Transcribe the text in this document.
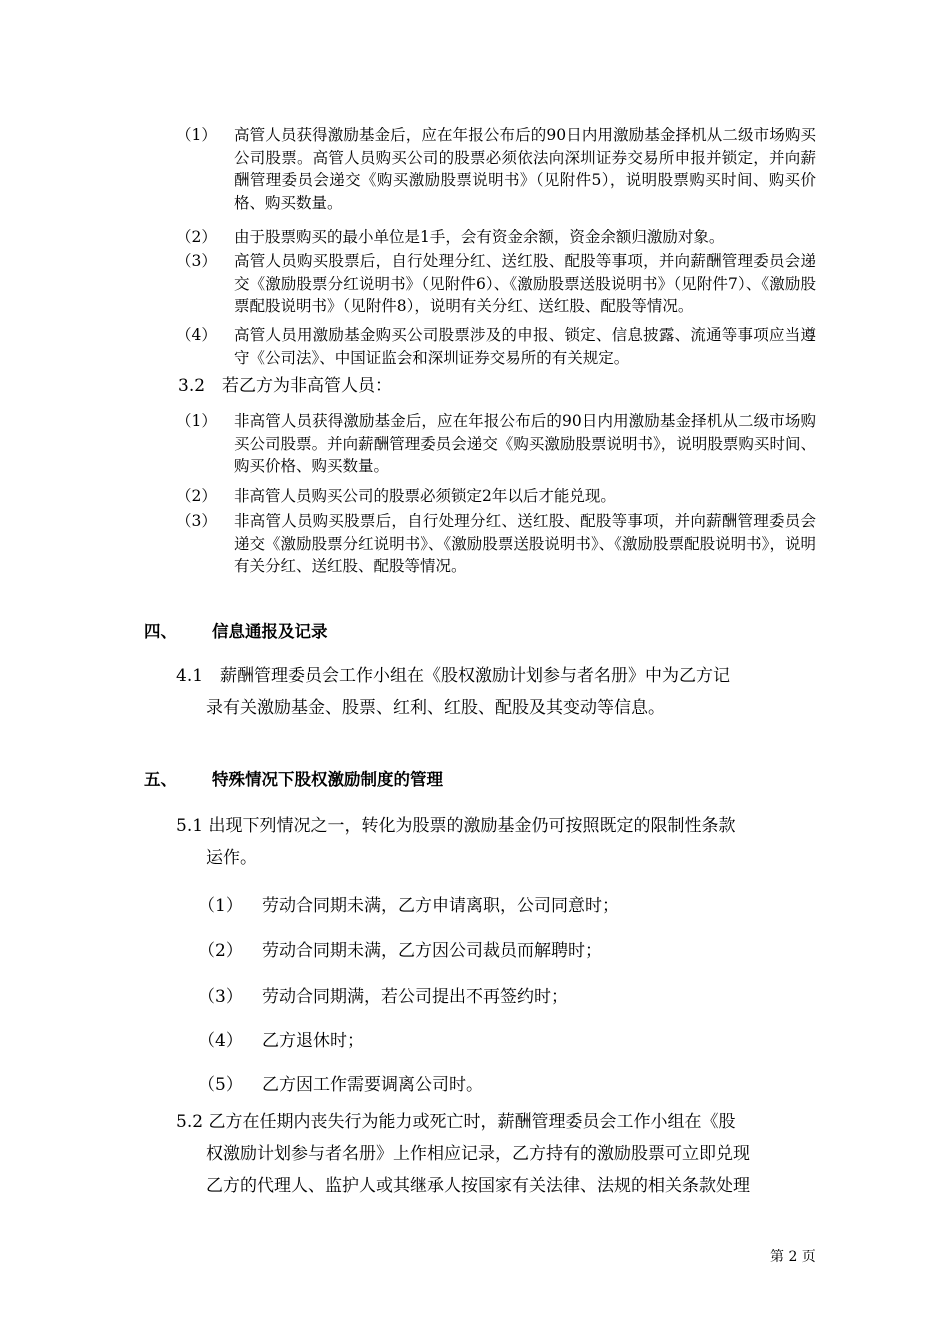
（1）	高管人员获得激励基金后，应在年报公布后的90日内用激励基金择机从二级市场购买公司股票。高管人员购买公司的股票必须依法向深圳证券交易所申报并锁定，并向薪酬管理委员会递交《购买激励股票说明书》（见附件5），说明股票购买时间、购买价格、购买数量。
（2）	由于股票购买的最小单位是1手，会有资金余额，资金余额归激励对象。
（3）	高管人员购买股票后，自行处理分红、送红股、配股等事项，并向薪酬管理委员会递交《激励股票分红说明书》（见附件6）、《激励股票送股说明书》（见附件7）、《激励股票配股说明书》（见附件8），说明有关分红、送红股、配股等情况。
（4）	高管人员用激励基金购买公司股票涉及的申报、锁定、信息披露、流通等事项应当遵守《公司法》、中国证监会和深圳证券交易所的有关规定。
3.2　若乙方为非高管人员：
（1）	非高管人员获得激励基金后，应在年报公布后的90日内用激励基金择机从二级市场购买公司股票。并向薪酬管理委员会递交《购买激励股票说明书》，说明股票购买时间、购买价格、购买数量。
（2）	非高管人员购买公司的股票必须锁定2年以后才能兑现。
（3）	非高管人员购买股票后，自行处理分红、送红股、配股等事项，并向薪酬管理委员会递交《激励股票分红说明书》、《激励股票送股说明书》、《激励股票配股说明书》，说明有关分红、送红股、配股等情况。
四、 信息通报及记录
4.1　薪酬管理委员会工作小组在《股权激励计划参与者名册》中为乙方记
录有关激励基金、股票、红利、红股、配股及其变动等信息。
五、 特殊情况下股权激励制度的管理
5.1 出现下列情况之一，转化为股票的激励基金仍可按照既定的限制性条款
运作。
（1） 劳动合同期未满，乙方申请离职，公司同意时；
（2） 劳动合同期未满，乙方因公司裁员而解聘时；
（3） 劳动合同期满，若公司提出不再签约时；
（4） 乙方退休时；
（5） 乙方因工作需要调离公司时。
5.2 乙方在任期内丧失行为能力或死亡时，薪酬管理委员会工作小组在《股
权激励计划参与者名册》上作相应记录，乙方持有的激励股票可立即兑现
乙方的代理人、监护人或其继承人按国家有关法律、法规的相关条款处理
第 2 页
